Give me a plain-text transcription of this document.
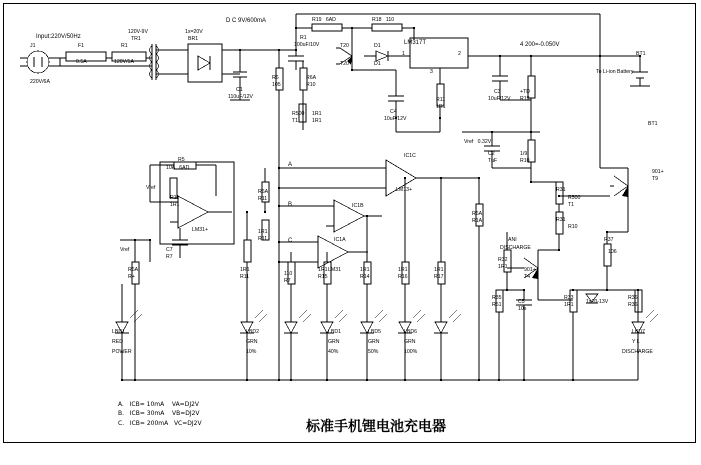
Input:220V/50Hz
J1
220V/6A
F1
0.5A
R1
120V/1A
120V-9V
TR1
1x=20V
BR1
C1
110uF/12V
D C 9V/600mA	R19   6AD	R18   110
R1
100uF/10V	T20
T20
D1
D1
LM317T
1	2
3
4 200=-0.050V
To Li-ion Battery
BT1
BT1
R6
105
R6A
R10
R500
T1
1R1
1R1
C4
10uF/12V
R11
1R1
C3
10uF/12V
+TD
R19
Vref   0.32V
C2
TuF
1/9
R10
901+
T9
R31
R500
T1
R31
R10
R37
106
R36
R36
901+
T4
ANI
DISCHARGE
R32
1R1
R35
R51	C5
10s
R33
1R1 1x10-13V
R6A
R1A
R5
10A   6AD
R11
1R1
LM31+
C7
R7
R6A
R+
Vref
Vref
R6A
R11
1R1
R11
A
B
C
IC1C
LM13+
IC1B
IC1A
LM31
110
R7
1R1
R11
1R1
R15
1R1
R14
1R1
R16
1R1
R17
LBD1
RED
POWER
LBD2
GRN
10%
LBD1
GRN
40%
LBD5
GRN
50%
LBD6
GRN
100%
LBD7
Y L
DISCHARGE
A.   ICB= 10mA    VA=DJ2V
B.   ICB= 30mA    VB=DJ2V
C.   ICB= 200mA   VC=DJ2V	标准手机锂电池充电器
